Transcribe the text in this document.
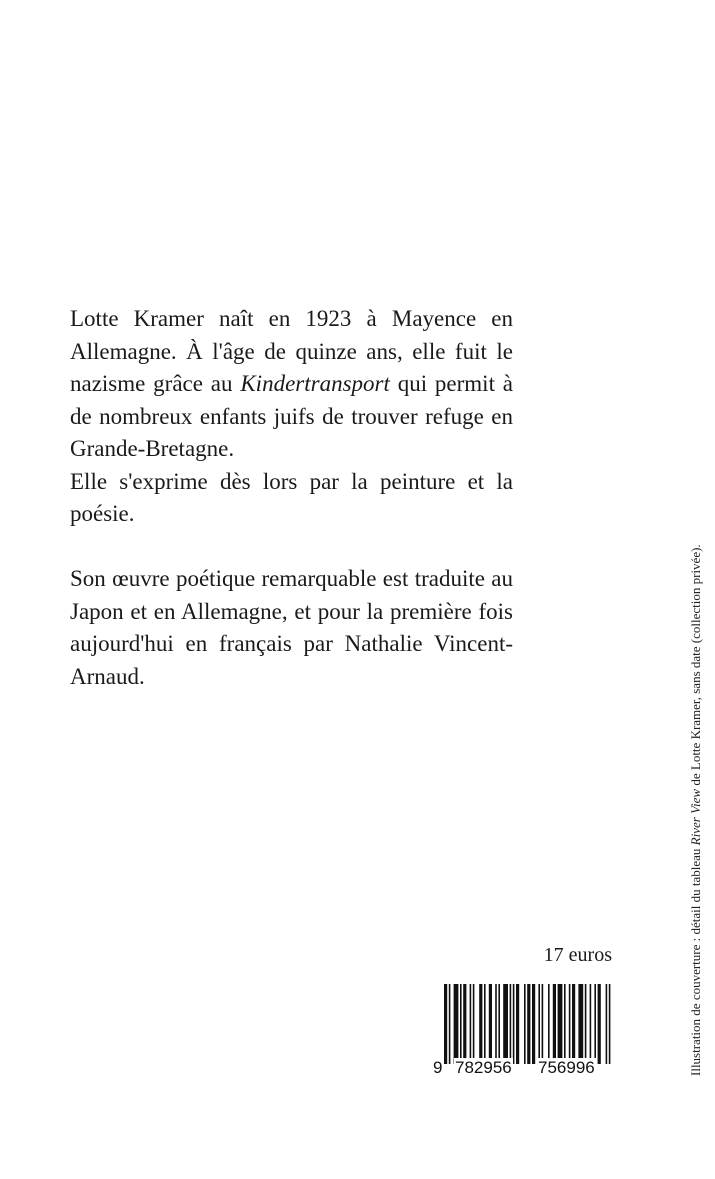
Lotte Kramer naît en 1923 à Mayence en Allemagne. À l'âge de quinze ans, elle fuit le nazisme grâce au Kindertransport qui permit à de nombreux enfants juifs de trouver refuge en Grande-Bretagne.

Elle s'exprime dès lors par la peinture et la poésie.

Son œuvre poétique remarquable est traduite au Japon et en Allemagne, et pour la première fois aujourd'hui en français par Nathalie Vincent-Arnaud.

17 euros
9 782956 756996	Illustration de couverture : détail du tableau River View de Lotte Kramer, sans date (collection privée).
